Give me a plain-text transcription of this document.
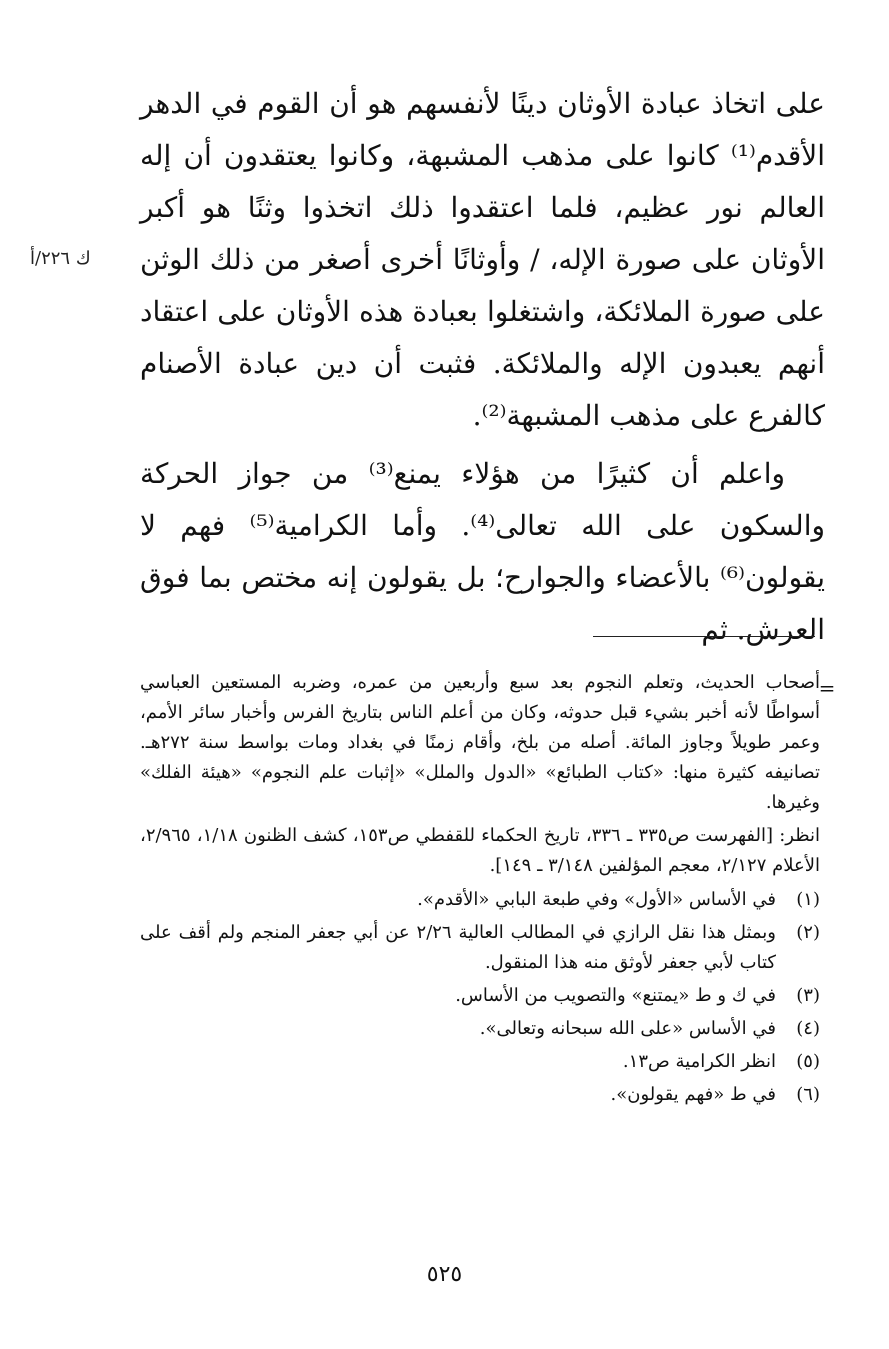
ك ٢٢٦/أ

على اتخاذ عبادة الأوثان دينًا لأنفسهم هو أن القوم في الدهر الأقدم⁽¹⁾ كانوا على مذهب المشبهة، وكانوا يعتقدون أن إله العالم نور عظيم، فلما اعتقدوا ذلك اتخذوا وثنًا هو أكبر الأوثان على صورة الإله، / وأوثانًا أخرى أصغر من ذلك الوثن على صورة الملائكة، واشتغلوا بعبادة هذه الأوثان على اعتقاد أنهم يعبدون الإله والملائكة. فثبت أن دين عبادة الأصنام كالفرع على مذهب المشبهة⁽²⁾.

واعلم أن كثيرًا من هؤلاء يمنع⁽³⁾ من جواز الحركة والسكون على الله تعالى⁽⁴⁾. وأما الكرامية⁽⁵⁾ فهم لا يقولون⁽⁶⁾ بالأعضاء والجوارح؛ بل يقولون إنه مختص بما فوق العرش. ثم

=

أصحاب الحديث، وتعلم النجوم بعد سبع وأربعين من عمره، وضربه المستعين العباسي أسواطًا لأنه أخبر بشيء قبل حدوثه، وكان من أعلم الناس بتاريخ الفرس وأخبار سائر الأمم، وعمر طويلاً وجاوز المائة. أصله من بلخ، وأقام زمنًا في بغداد ومات بواسط سنة ٢٧٢هـ. تصانيفه كثيرة منها: «كتاب الطبائع» «الدول والملل» «إثبات علم النجوم» «هيئة الفلك» وغيرها.

انظر: [الفهرست ص٣٣٥ ـ ٣٣٦، تاريخ الحكماء للقفطي ص١٥٣، كشف الظنون ١/١٨، ٢/٩٦٥، الأعلام ٢/١٢٧، معجم المؤلفين ٣/١٤٨ ـ ١٤٩].

(١)
في الأساس «الأول» وفي طبعة البابي «الأقدم».
(٢)
وبمثل هذا نقل الرازي في المطالب العالية ٢/٢٦ عن أبي جعفر المنجم ولم أقف على كتاب لأبي جعفر لأوثق منه هذا المنقول.
(٣)
في ك و ط «يمتنع» والتصويب من الأساس.
(٤)
في الأساس «على الله سبحانه وتعالى».
(٥)
انظر الكرامية ص١٣.
(٦)
في ط «فهم يقولون».
٥٢٥
